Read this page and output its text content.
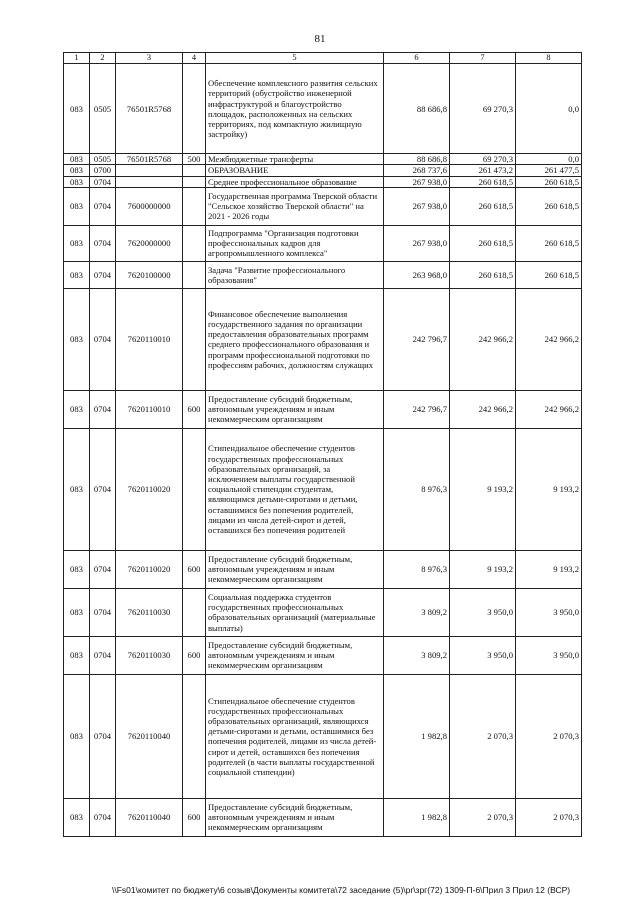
81
1	2	3	4	5	6	7	8
083	0505	76501R5768		Обеспечение комплексного развития сельских территорий (обустройство инженерной инфраструктурой и благоустройство площадок, расположенных на сельских территориях, под компактную жилищную застройку)	88 686,8	69 270,3	0,0
083	0505	76501R5768	500	Межбюджетные трансферты	88 686,8	69 270,3	0,0
083	0700			ОБРАЗОВАНИЕ	268 737,6	261 473,2	261 477,5
083	0704			Среднее профессиональное образование	267 938,0	260 618,5	260 618,5
083	0704	7600000000		Государственная программа Тверской области "Сельское хозяйство Тверской области" на 2021 - 2026 годы	267 938,0	260 618,5	260 618,5
083	0704	7620000000		Подпрограмма "Организация подготовки профессиональных кадров для агропромышленного комплекса"	267 938,0	260 618,5	260 618,5
083	0704	7620100000		Задача "Развитие профессионального образования"	263 968,0	260 618,5	260 618,5
083	0704	7620110010		Финансовое обеспечение выполнения государственного задания по организации предоставления образовательных программ среднего профессионального образования и программ профессиональной подготовки по профессиям рабочих, должностям служащих	242 796,7	242 966,2	242 966,2
083	0704	7620110010	600	Предоставление субсидий бюджетным, автономным учреждениям и иным некоммерческим организациям	242 796,7	242 966,2	242 966,2
083	0704	7620110020		Стипендиальное обеспечение студентов государственных профессиональных образовательных организаций, за исключением выплаты государственной социальной стипендии студентам, являющимся детьми-сиротами и детьми, оставшимися без попечения родителей, лицами из числа детей-сирот и детей, оставшихся без попечения родителей	8 976,3	9 193,2	9 193,2
083	0704	7620110020	600	Предоставление субсидий бюджетным, автономным учреждениям и иным некоммерческим организациям	8 976,3	9 193,2	9 193,2
083	0704	7620110030		Социальная поддержка студентов государственных профессиональных образовательных организаций (материальные выплаты)	3 809,2	3 950,0	3 950,0
083	0704	7620110030	600	Предоставление субсидий бюджетным, автономным учреждениям и иным некоммерческим организациям	3 809,2	3 950,0	3 950,0
083	0704	7620110040		Стипендиальное обеспечение студентов государственных профессиональных образовательных организаций, являющихся детьми-сиротами и детьми, оставшимися без попечения родителей, лицами из числа детей-сирот и детей, оставшихся без попечения родителей (в части выплаты государственной социальной стипендии)	1 982,8	2 070,3	2 070,3
083	0704	7620110040	600	Предоставление субсидий бюджетным, автономным учреждениям и иным некоммерческим организациям	1 982,8	2 070,3	2 070,3
\\Fs01\комитет по бюджету\6 созыв\Документы комитета\72 заседание (5)\pr\зрг(72) 1309-П-6\Прил 3 Прил 12 (ВСР)
